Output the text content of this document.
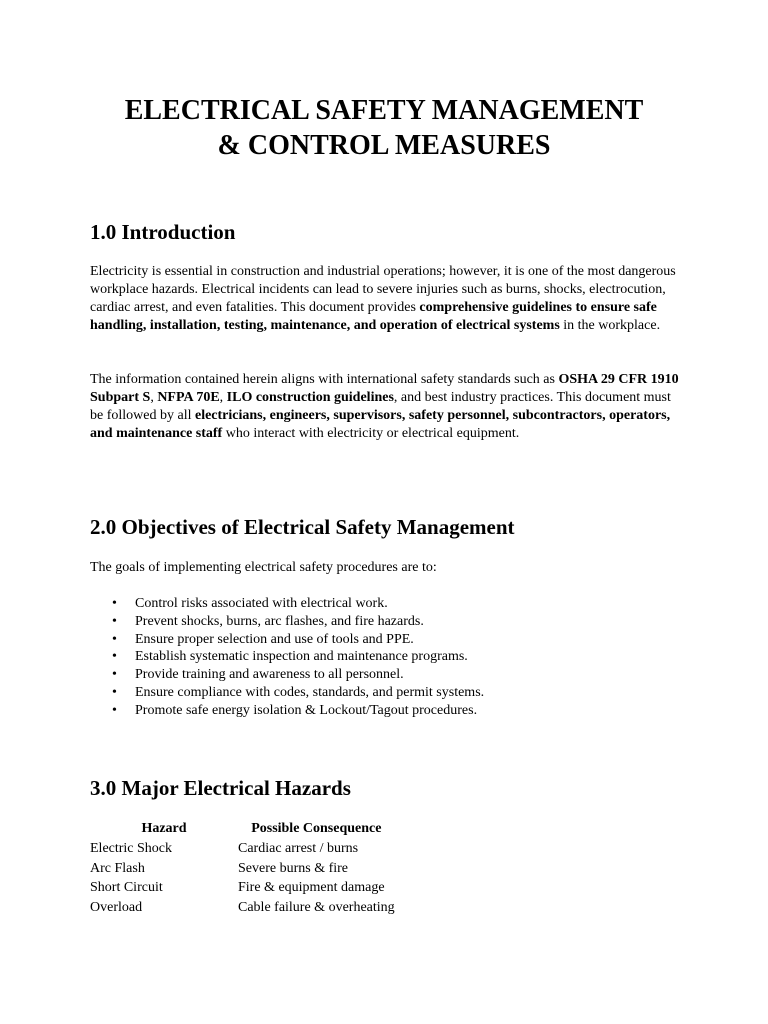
ELECTRICAL SAFETY MANAGEMENT
& CONTROL MEASURES
1.0 Introduction

Electricity is essential in construction and industrial operations; however, it is one of the most dangerous workplace hazards. Electrical incidents can lead to severe injuries such as burns, shocks, electrocution, cardiac arrest, and even fatalities. This document provides comprehensive guidelines to ensure safe handling, installation, testing, maintenance, and operation of electrical systems in the workplace.

The information contained herein aligns with international safety standards such as OSHA 29 CFR 1910 Subpart S, NFPA 70E, ILO construction guidelines, and best industry practices. This document must be followed by all electricians, engineers, supervisors, safety personnel, subcontractors, operators, and maintenance staff who interact with electricity or electrical equipment.

2.0 Objectives of Electrical Safety Management

The goals of implementing electrical safety procedures are to:

• Control risks associated with electrical work.
• Prevent shocks, burns, arc flashes, and fire hazards.
• Ensure proper selection and use of tools and PPE.
• Establish systematic inspection and maintenance programs.
• Provide training and awareness to all personnel.
• Ensure compliance with codes, standards, and permit systems.
• Promote safe energy isolation & Lockout/Tagout procedures.
3.0 Major Electrical Hazards
Hazard	Possible Consequence
Electric Shock	Cardiac arrest / burns
Arc Flash	Severe burns & fire
Short Circuit	Fire & equipment damage
Overload	Cable failure & overheating
